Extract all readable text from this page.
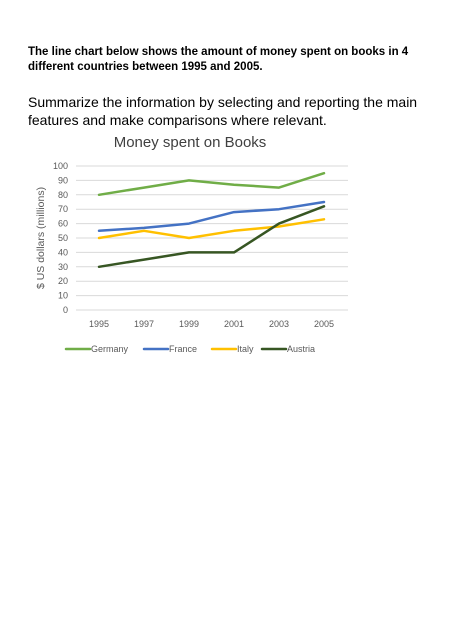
The line chart below shows the amount of money spent on books in 4 different countries between 1995 and 2005.

Summarize the information by selecting and reporting the main features and make comparisons where relevant.

Money spent on Books
0
10
20
30
40
50
60
70
80
90
100
1995	1997	1999	2001	2003	2005
$ US dollars (millions)
Germany	France	Italy	Austria
